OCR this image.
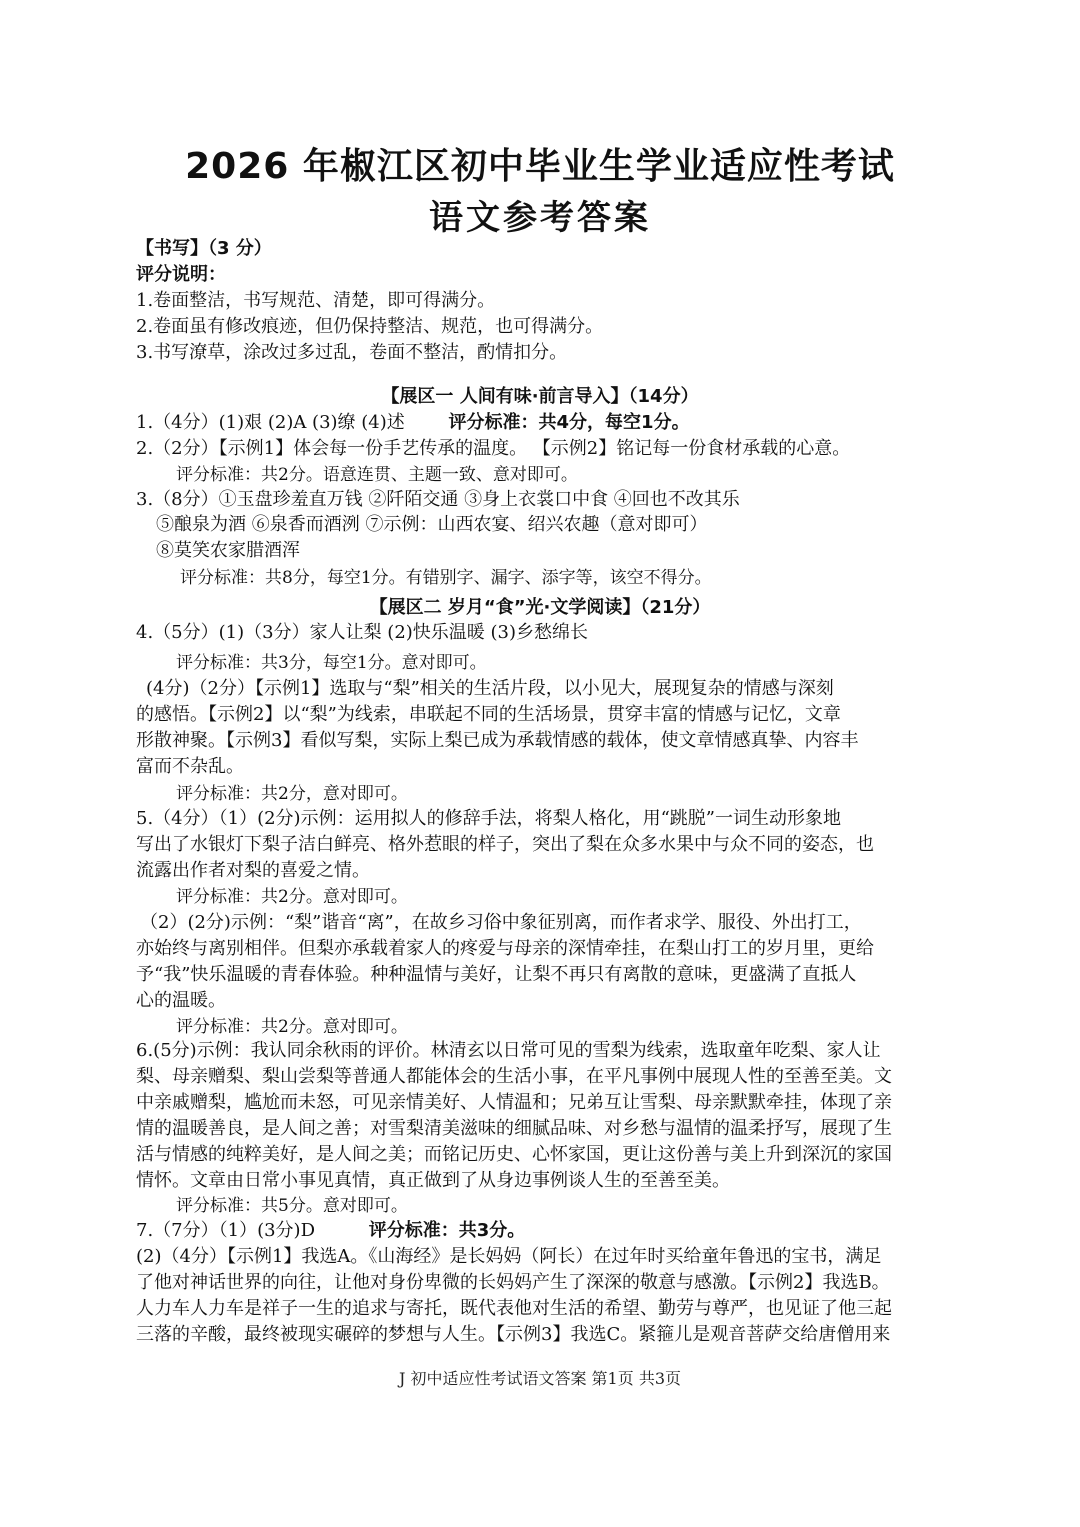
2026 年椒江区初中毕业生学业适应性考试
语文参考答案
【书写】（3 分）
评分说明：
1.卷面整洁，书写规范、清楚，即可得满分。
2.卷面虽有修改痕迹，但仍保持整洁、规范，也可得满分。
3.书写潦草，涂改过多过乱，卷面不整洁，酌情扣分。
【展区一 人间有味·前言导入】（14分）
1.（4分）(1)艰 (2)A (3)缭 (4)述 评分标准：共4分，每空1分。
2.（2分）【示例1】体会每一份手艺传承的温度。 【示例2】铭记每一份食材承载的心意。
评分标准：共2分。语意连贯、主题一致、意对即可。
3.（8分）①玉盘珍羞直万钱 ②阡陌交通 ③身上衣裳口中食 ④回也不改其乐
⑤酿泉为酒 ⑥泉香而酒洌 ⑦示例：山西农宴、绍兴农趣（意对即可）
⑧莫笑农家腊酒浑
评分标准：共8分，每空1分。有错别字、漏字、添字等，该空不得分。
【展区二 岁月“食”光·文学阅读】（21分）
4.（5分）(1)（3分）家人让梨 (2)快乐温暖 (3)乡愁绵长
评分标准：共3分，每空1分。意对即可。
(4分)（2分）【示例1】选取与“梨”相关的生活片段，以小见大，展现复杂的情感与深刻
的感悟。【示例2】以“梨”为线索，串联起不同的生活场景，贯穿丰富的情感与记忆，文章
形散神聚。【示例3】看似写梨，实际上梨已成为承载情感的载体，使文章情感真挚、内容丰
富而不杂乱。
评分标准：共2分，意对即可。
5.（4分）（1）(2分)示例：运用拟人的修辞手法，将梨人格化，用“跳脱”一词生动形象地
写出了水银灯下梨子洁白鲜亮、格外惹眼的样子，突出了梨在众多水果中与众不同的姿态，也
流露出作者对梨的喜爱之情。
评分标准：共2分。意对即可。
（2）(2分)示例：“梨”谐音“离”，在故乡习俗中象征别离，而作者求学、服役、外出打工，
亦始终与离别相伴。但梨亦承载着家人的疼爱与母亲的深情牵挂，在梨山打工的岁月里，更给
予“我”快乐温暖的青春体验。种种温情与美好，让梨不再只有离散的意味，更盛满了直抵人
心的温暖。
评分标准：共2分。意对即可。
6.(5分)示例：我认同余秋雨的评价。林清玄以日常可见的雪梨为线索，选取童年吃梨、家人让
梨、母亲赠梨、梨山尝梨等普通人都能体会的生活小事，在平凡事例中展现人性的至善至美。文
中亲戚赠梨，尴尬而未怒，可见亲情美好、人情温和；兄弟互让雪梨、母亲默默牵挂，体现了亲
情的温暖善良，是人间之善；对雪梨清美滋味的细腻品味、对乡愁与温情的温柔抒写，展现了生
活与情感的纯粹美好，是人间之美；而铭记历史、心怀家国，更让这份善与美上升到深沉的家国
情怀。文章由日常小事见真情，真正做到了从身边事例谈人生的至善至美。
评分标准：共5分。意对即可。
7.（7分）（1）(3分)D	评分标准：共3分。
(2)（4分）【示例1】我选A。《山海经》是长妈妈（阿长）在过年时买给童年鲁迅的宝书，满足
了他对神话世界的向往，让他对身份卑微的长妈妈产生了深深的敬意与感激。【示例2】我选B。
人力车人力车是祥子一生的追求与寄托，既代表他对生活的希望、勤劳与尊严，也见证了他三起
三落的辛酸，最终被现实碾碎的梦想与人生。【示例3】我选C。紧箍儿是观音菩萨交给唐僧用来
J 初中适应性考试语文答案 第1页 共3页
